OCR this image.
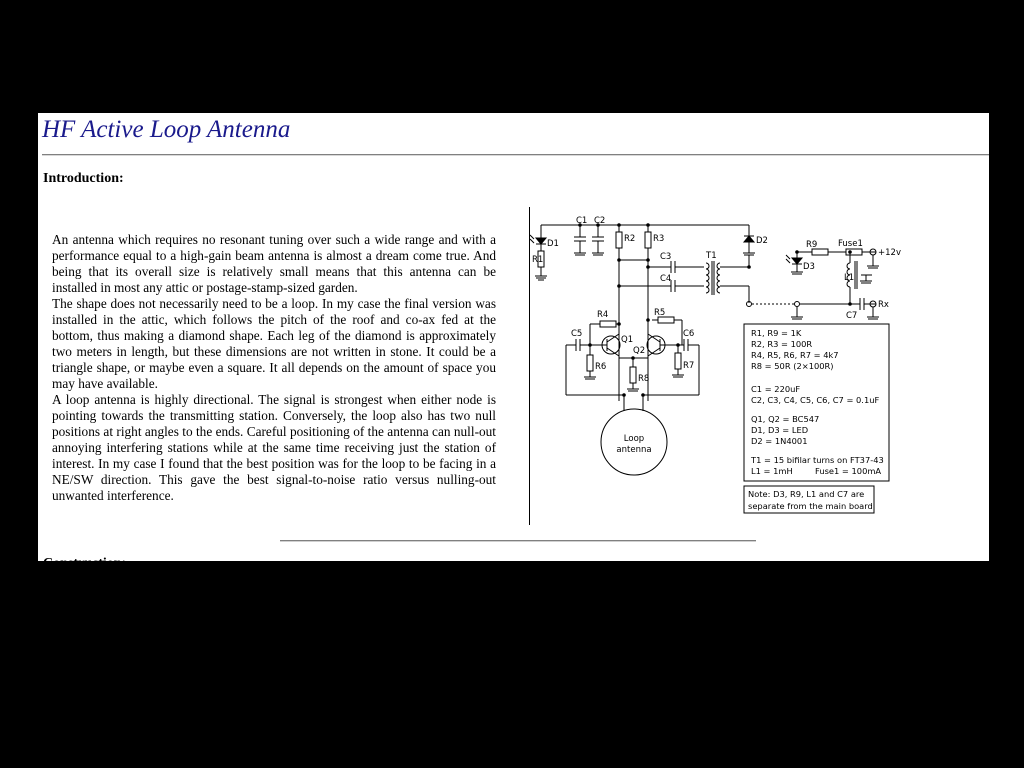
HF Active Loop Antenna
Introduction:

An antenna which requires no resonant tuning over such a wide range and with a performance equal to a high-gain beam antenna is almost a dream come true. And being that its overall size is relatively small means that this antenna can be installed in most any attic or postage-stamp-sized garden.

The shape does not necessarily need to be a loop. In my case the final version was installed in the attic, which follows the pitch of the roof and co-ax fed at the bottom, thus making a diamond shape. Each leg of the diamond is approximately two meters in length, but these dimensions are not written in stone. It could be a triangle shape, or maybe even a square. It all depends on the amount of space you may have available.

A loop antenna is highly directional. The signal is strongest when either node is pointing towards the transmitting station. Conversely, the loop also has two null positions at right angles to the ends. Careful positioning of the antenna can null-out annoying interfering stations while at the same time receiving just the station of interest. In my case I found that the best position was for the loop to be facing in a NE/SW direction. This gave the best signal-to-noise ratio versus nulling-out unwanted interference.

C1 C2
D1
R1
R2 R3	D2
T1
C3
C4
R4	R5
C5	C6
Q1
Q2
R6	R7
R8
R9 Fuse1
D3
L1
C7
+12v
Rx
Loop
antenna
R1, R9 = 1K
R2, R3 = 100R
R4, R5, R6, R7 = 4k7
R8 = 50R (2×100R)
C1 = 220uF
C2, C3, C4, C5, C6, C7 = 0.1uF
Q1, Q2 = BC547
D1, D3 = LED
D2 = 1N4001
T1 = 15 bifilar turns on FT37-43
L1 = 1mH	Fuse1 = 100mA
Note: D3, R9, L1 and C7 are
separate from the main board.
Construction:
